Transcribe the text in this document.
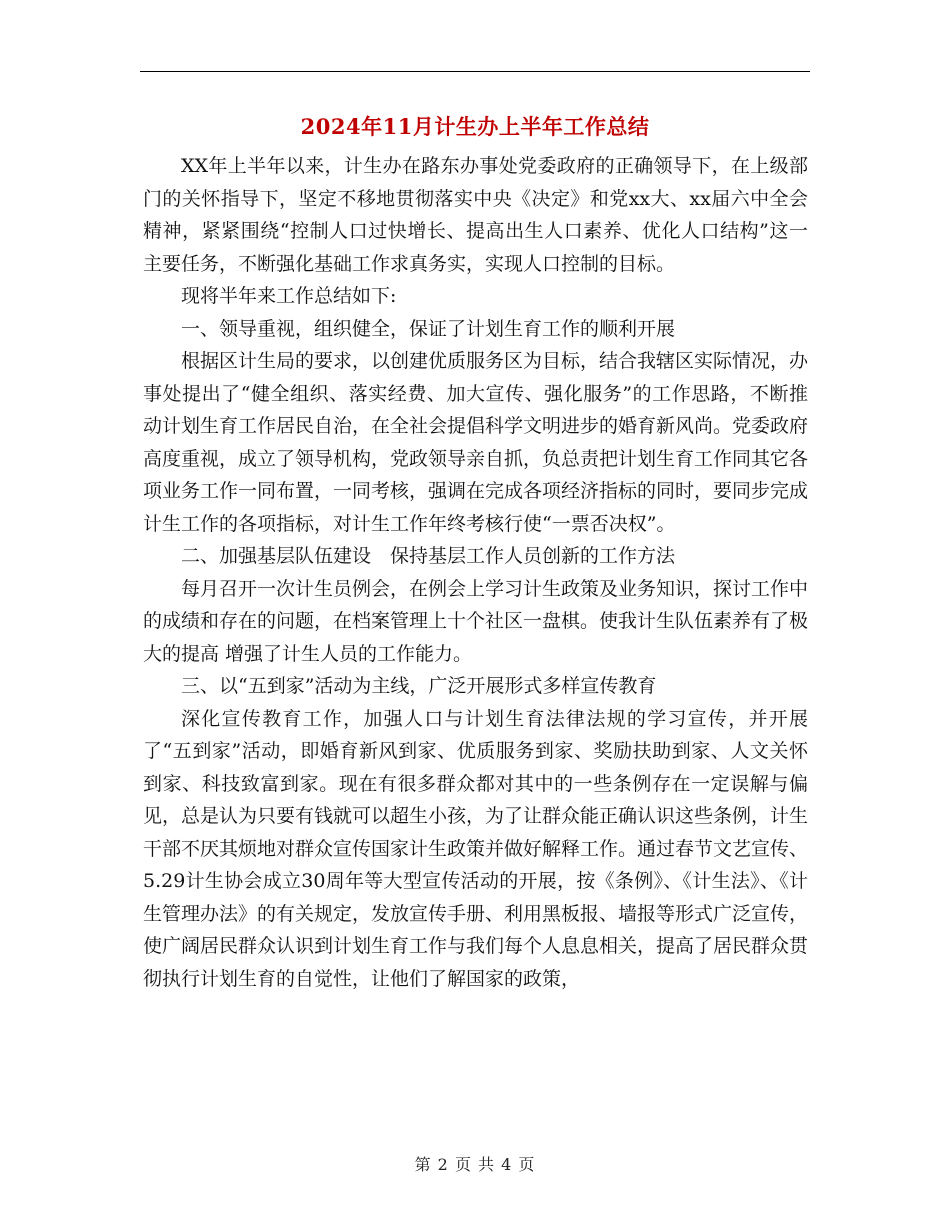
2024年11月计生办上半年工作总结

XX年上半年以来，计生办在路东办事处党委政府的正确领导下，在上级部门的关怀指导下，坚定不移地贯彻落实中央《决定》和党xx大、xx届六中全会精神，紧紧围绕“控制人口过快增长、提高出生人口素养、优化人口结构”这一主要任务，不断强化基础工作求真务实，实现人口控制的目标。

现将半年来工作总结如下:

一、领导重视，组织健全，保证了计划生育工作的顺利开展

根据区计生局的要求，以创建优质服务区为目标，结合我辖区实际情况，办事处提出了“健全组织、落实经费、加大宣传、强化服务”的工作思路，不断推动计划生育工作居民自治，在全社会提倡科学文明进步的婚育新风尚。党委政府高度重视，成立了领导机构，党政领导亲自抓，负总责把计划生育工作同其它各项业务工作一同布置，一同考核，强调在完成各项经济指标的同时，要同步完成计生工作的各项指标，对计生工作年终考核行使“一票否决权”。

二、加强基层队伍建设　保持基层工作人员创新的工作方法

每月召开一次计生员例会，在例会上学习计生政策及业务知识，探讨工作中的成绩和存在的问题，在档案管理上十个社区一盘棋。使我计生队伍素养有了极大的提高 增强了计生人员的工作能力。

三、以“五到家”活动为主线，广泛开展形式多样宣传教育

深化宣传教育工作，加强人口与计划生育法律法规的学习宣传，并开展了“五到家”活动，即婚育新风到家、优质服务到家、奖励扶助到家、人文关怀到家、科技致富到家。现在有很多群众都对其中的一些条例存在一定误解与偏见，总是认为只要有钱就可以超生小孩，为了让群众能正确认识这些条例，计生干部不厌其烦地对群众宣传国家计生政策并做好解释工作。通过春节文艺宣传、5.29计生协会成立30周年等大型宣传活动的开展，按《条例》、《计生法》、《计生管理办法》的有关规定，发放宣传手册、利用黑板报、墙报等形式广泛宣传，使广阔居民群众认识到计划生育工作与我们每个人息息相关，提高了居民群众贯彻执行计划生育的自觉性，让他们了解国家的政策，

第 2 页 共 4 页
